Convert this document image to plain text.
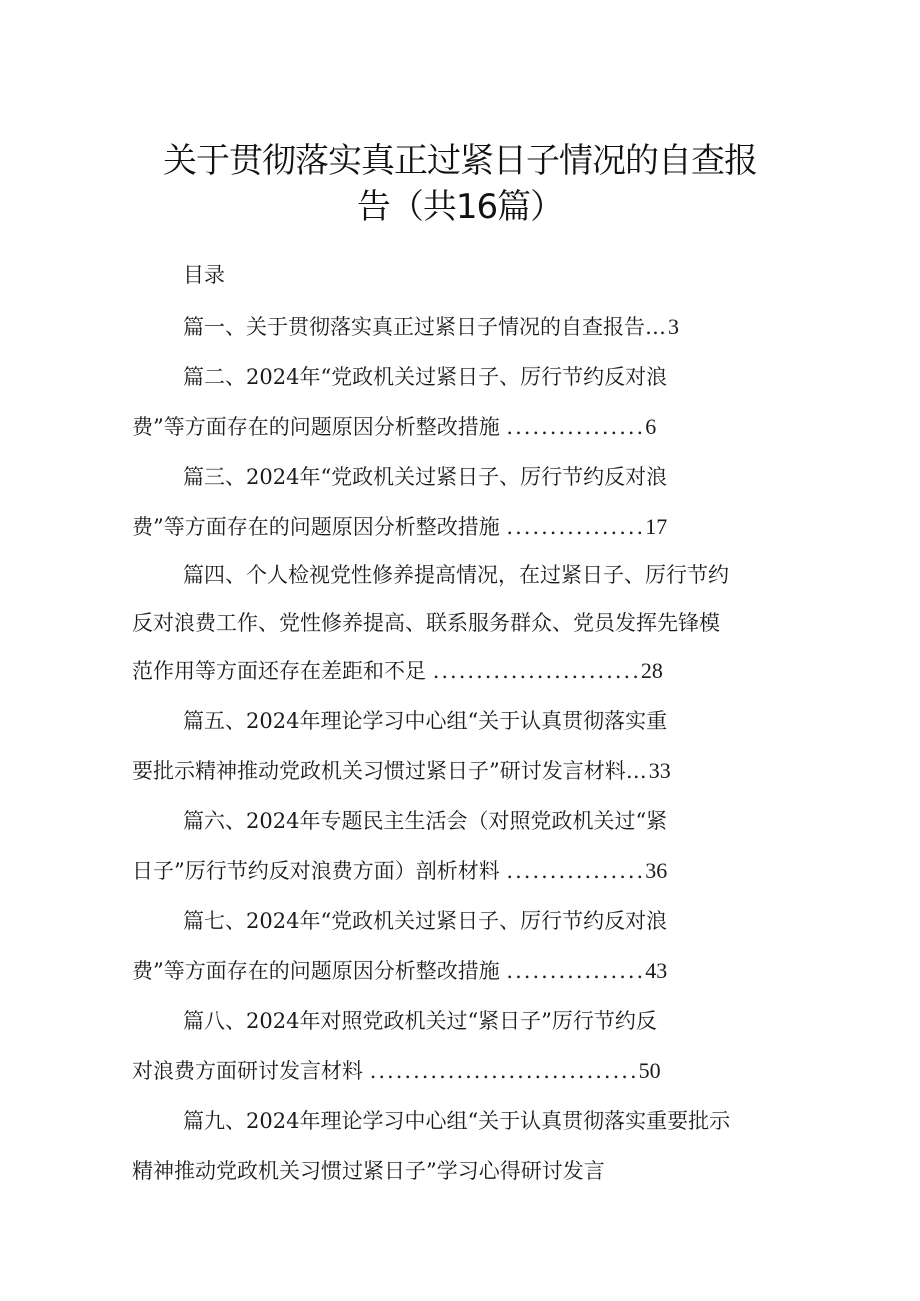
关于贯彻落实真正过紧日子情况的自查报
告（共16篇）
目录
篇一、关于贯彻落实真正过紧日子情况的自查报告…3
篇二、2024年“党政机关过紧日子、厉行节约反对浪
费”等方面存在的问题原因分析整改措施 ................6
篇三、2024年“党政机关过紧日子、厉行节约反对浪
费”等方面存在的问题原因分析整改措施 ................17
篇四、个人检视党性修养提高情况，在过紧日子、厉行节约
反对浪费工作、党性修养提高、联系服务群众、党员发挥先锋模
范作用等方面还存在差距和不足 ........................28
篇五、2024年理论学习中心组“关于认真贯彻落实重
要批示精神推动党政机关习惯过紧日子”研讨发言材料…33
篇六、2024年专题民主生活会（对照党政机关过“紧
日子”厉行节约反对浪费方面）剖析材料 ................36
篇七、2024年“党政机关过紧日子、厉行节约反对浪
费”等方面存在的问题原因分析整改措施 ................43
篇八、2024年对照党政机关过“紧日子”厉行节约反
对浪费方面研讨发言材料 ...............................50
篇九、2024年理论学习中心组“关于认真贯彻落实重要批示
精神推动党政机关习惯过紧日子”学习心得研讨发言
